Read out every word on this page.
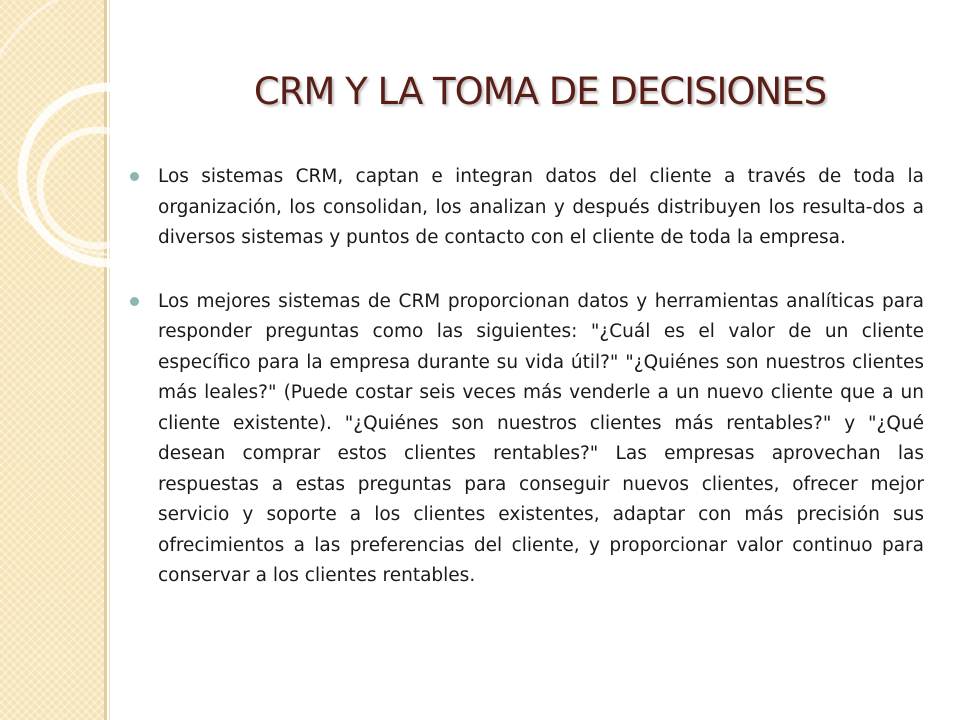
CRM Y LA TOMA DE DECISIONES

Los sistemas CRM, captan e integran datos del cliente a través de toda la organización, los consolidan, los analizan y después distribuyen los resulta-dos a diversos sistemas y puntos de contacto con el cliente de toda la empresa.

Los mejores sistemas de CRM proporcionan datos y herramientas analíticas para responder preguntas como las siguientes: "¿Cuál es el valor de un cliente específico para la empresa durante su vida útil?" "¿Quiénes son nuestros clientes más leales?" (Puede costar seis veces más venderle a un nuevo cliente que a un cliente existente). "¿Quiénes son nuestros clientes más rentables?" y "¿Qué desean comprar estos clientes rentables?" Las empresas aprovechan las respuestas a estas preguntas para conseguir nuevos clientes, ofrecer mejor servicio y soporte a los clientes existentes, adaptar con más precisión sus ofrecimientos a las preferencias del cliente, y proporcionar valor continuo para conservar a los clientes rentables.
